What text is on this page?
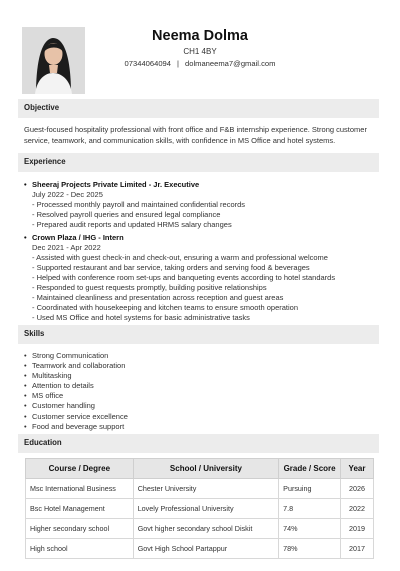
Neema Dolma
CH1 4BY
07344064094 | dolmaneema7@gmail.com
Objective
Guest-focused hospitality professional with front office and F&B internship experience. Strong customer service, teamwork, and communication skills, with confidence in MS Office and hotel systems.
Experience
• Sheeraj Projects Private Limited - Jr. Executive
July 2022 - Dec 2025
- Processed monthly payroll and maintained confidential records
- Resolved payroll queries and ensured legal compliance
- Prepared audit reports and updated HRMS salary changes
• Crown Plaza / IHG - Intern
Dec 2021 - Apr 2022
- Assisted with guest check-in and check-out, ensuring a warm and professional welcome
- Supported restaurant and bar service, taking orders and serving food & beverages
- Helped with conference room set-ups and banqueting events according to hotel standards
- Responded to guest requests promptly, building positive relationships
- Maintained cleanliness and presentation across reception and guest areas
- Coordinated with housekeeping and kitchen teams to ensure smooth operation
- Used MS Office and hotel systems for basic administrative tasks
Skills
• Strong Communication
• Teamwork and collaboration
• Multitasking
• Attention to details
• MS office
• Customer handling
• Customer service excellence
• Food and beverage support
Education
Course / Degree	School / University	Grade / Score	Year
Msc International Business	Chester University	Pursuing	2026
Bsc Hotel Management	Lovely Professional University	7.8	2022
Higher secondary school	Govt higher secondary school Diskit	74%	2019
High school	Govt High School Partappur	78%	2017
